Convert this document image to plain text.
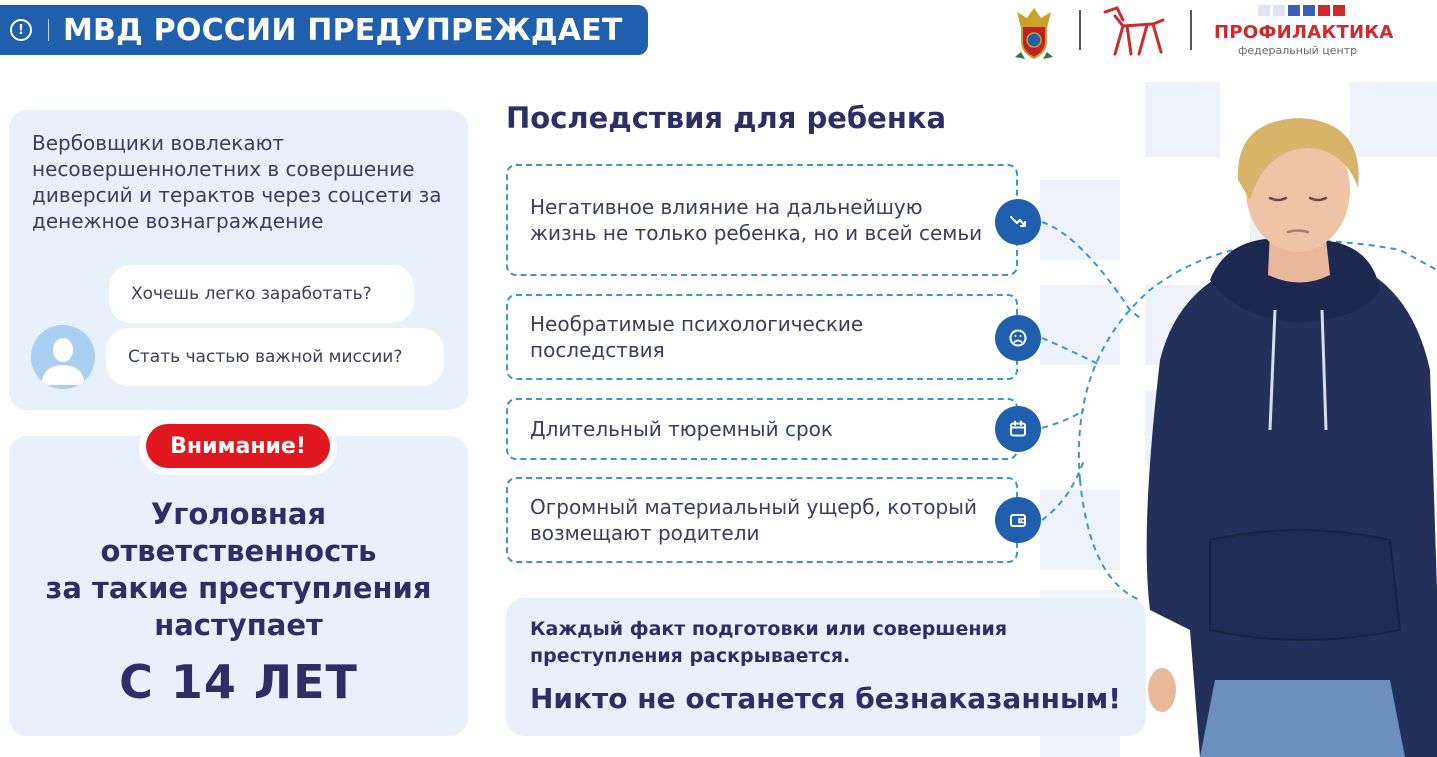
! МВД РОССИИ ПРЕДУПРЕЖДАЕТ	ПРОФИЛАКТИКА
федеральный центр
Вербовщики вовлекают несовершеннолетних в совершение диверсий и терактов через соцсети за денежное вознаграждение
Хочешь легко заработать?
Стать частью важной миссии?
Внимание!
Уголовная
ответственность
за такие преступления
наступает
С 14 ЛЕТ
Последствия для ребенка
Негативное влияние на дальнейшую жизнь не только ребенка, но и всей семьи
Необратимые психологические последствия
Длительный тюремный срок
Огромный материальный ущерб, который возмещают родители
Каждый факт подготовки или совершения преступления раскрывается.
Никто не останется безнаказанным!
